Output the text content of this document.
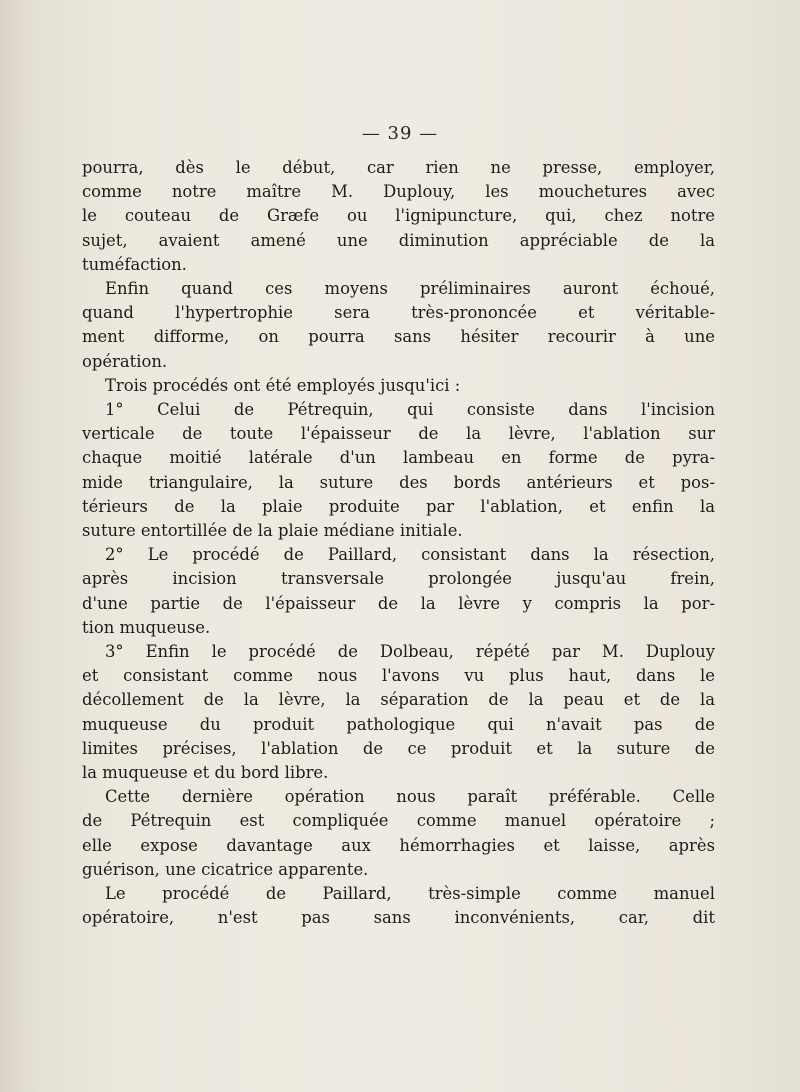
— 39 —
pourra, dès le début, car rien ne presse, employer,
comme notre maître M. Duplouy, les mouchetures avec
le couteau de Græfe ou l'ignipuncture, qui, chez notre
sujet, avaient amené une diminution appréciable de la
tuméfaction.
Enfin quand ces moyens préliminaires auront échoué,
quand l'hypertrophie sera très-prononcée et véritable-
ment difforme, on pourra sans hésiter recourir à une
opération.
Trois procédés ont été employés jusqu'ici :
1° Celui de Pétrequin, qui consiste dans l'incision
verticale de toute l'épaisseur de la lèvre, l'ablation sur
chaque moitié latérale d'un lambeau en forme de pyra-
mide triangulaire, la suture des bords antérieurs et pos-
térieurs de la plaie produite par l'ablation, et enfin la
suture entortillée de la plaie médiane initiale.
2° Le procédé de Paillard, consistant dans la résection,
après incision transversale prolongée jusqu'au frein,
d'une partie de l'épaisseur de la lèvre y compris la por-
tion muqueuse.
3° Enfin le procédé de Dolbeau, répété par M. Duplouy
et consistant comme nous l'avons vu plus haut, dans le
décollement de la lèvre, la séparation de la peau et de la
muqueuse du produit pathologique qui n'avait pas de
limites précises, l'ablation de ce produit et la suture de
la muqueuse et du bord libre.
Cette dernière opération nous paraît préférable. Celle
de Pétrequin est compliquée comme manuel opératoire ;
elle expose davantage aux hémorrhagies et laisse, après
guérison, une cicatrice apparente.
Le procédé de Paillard, très-simple comme manuel
opératoire, n'est pas sans inconvénients, car, dit
